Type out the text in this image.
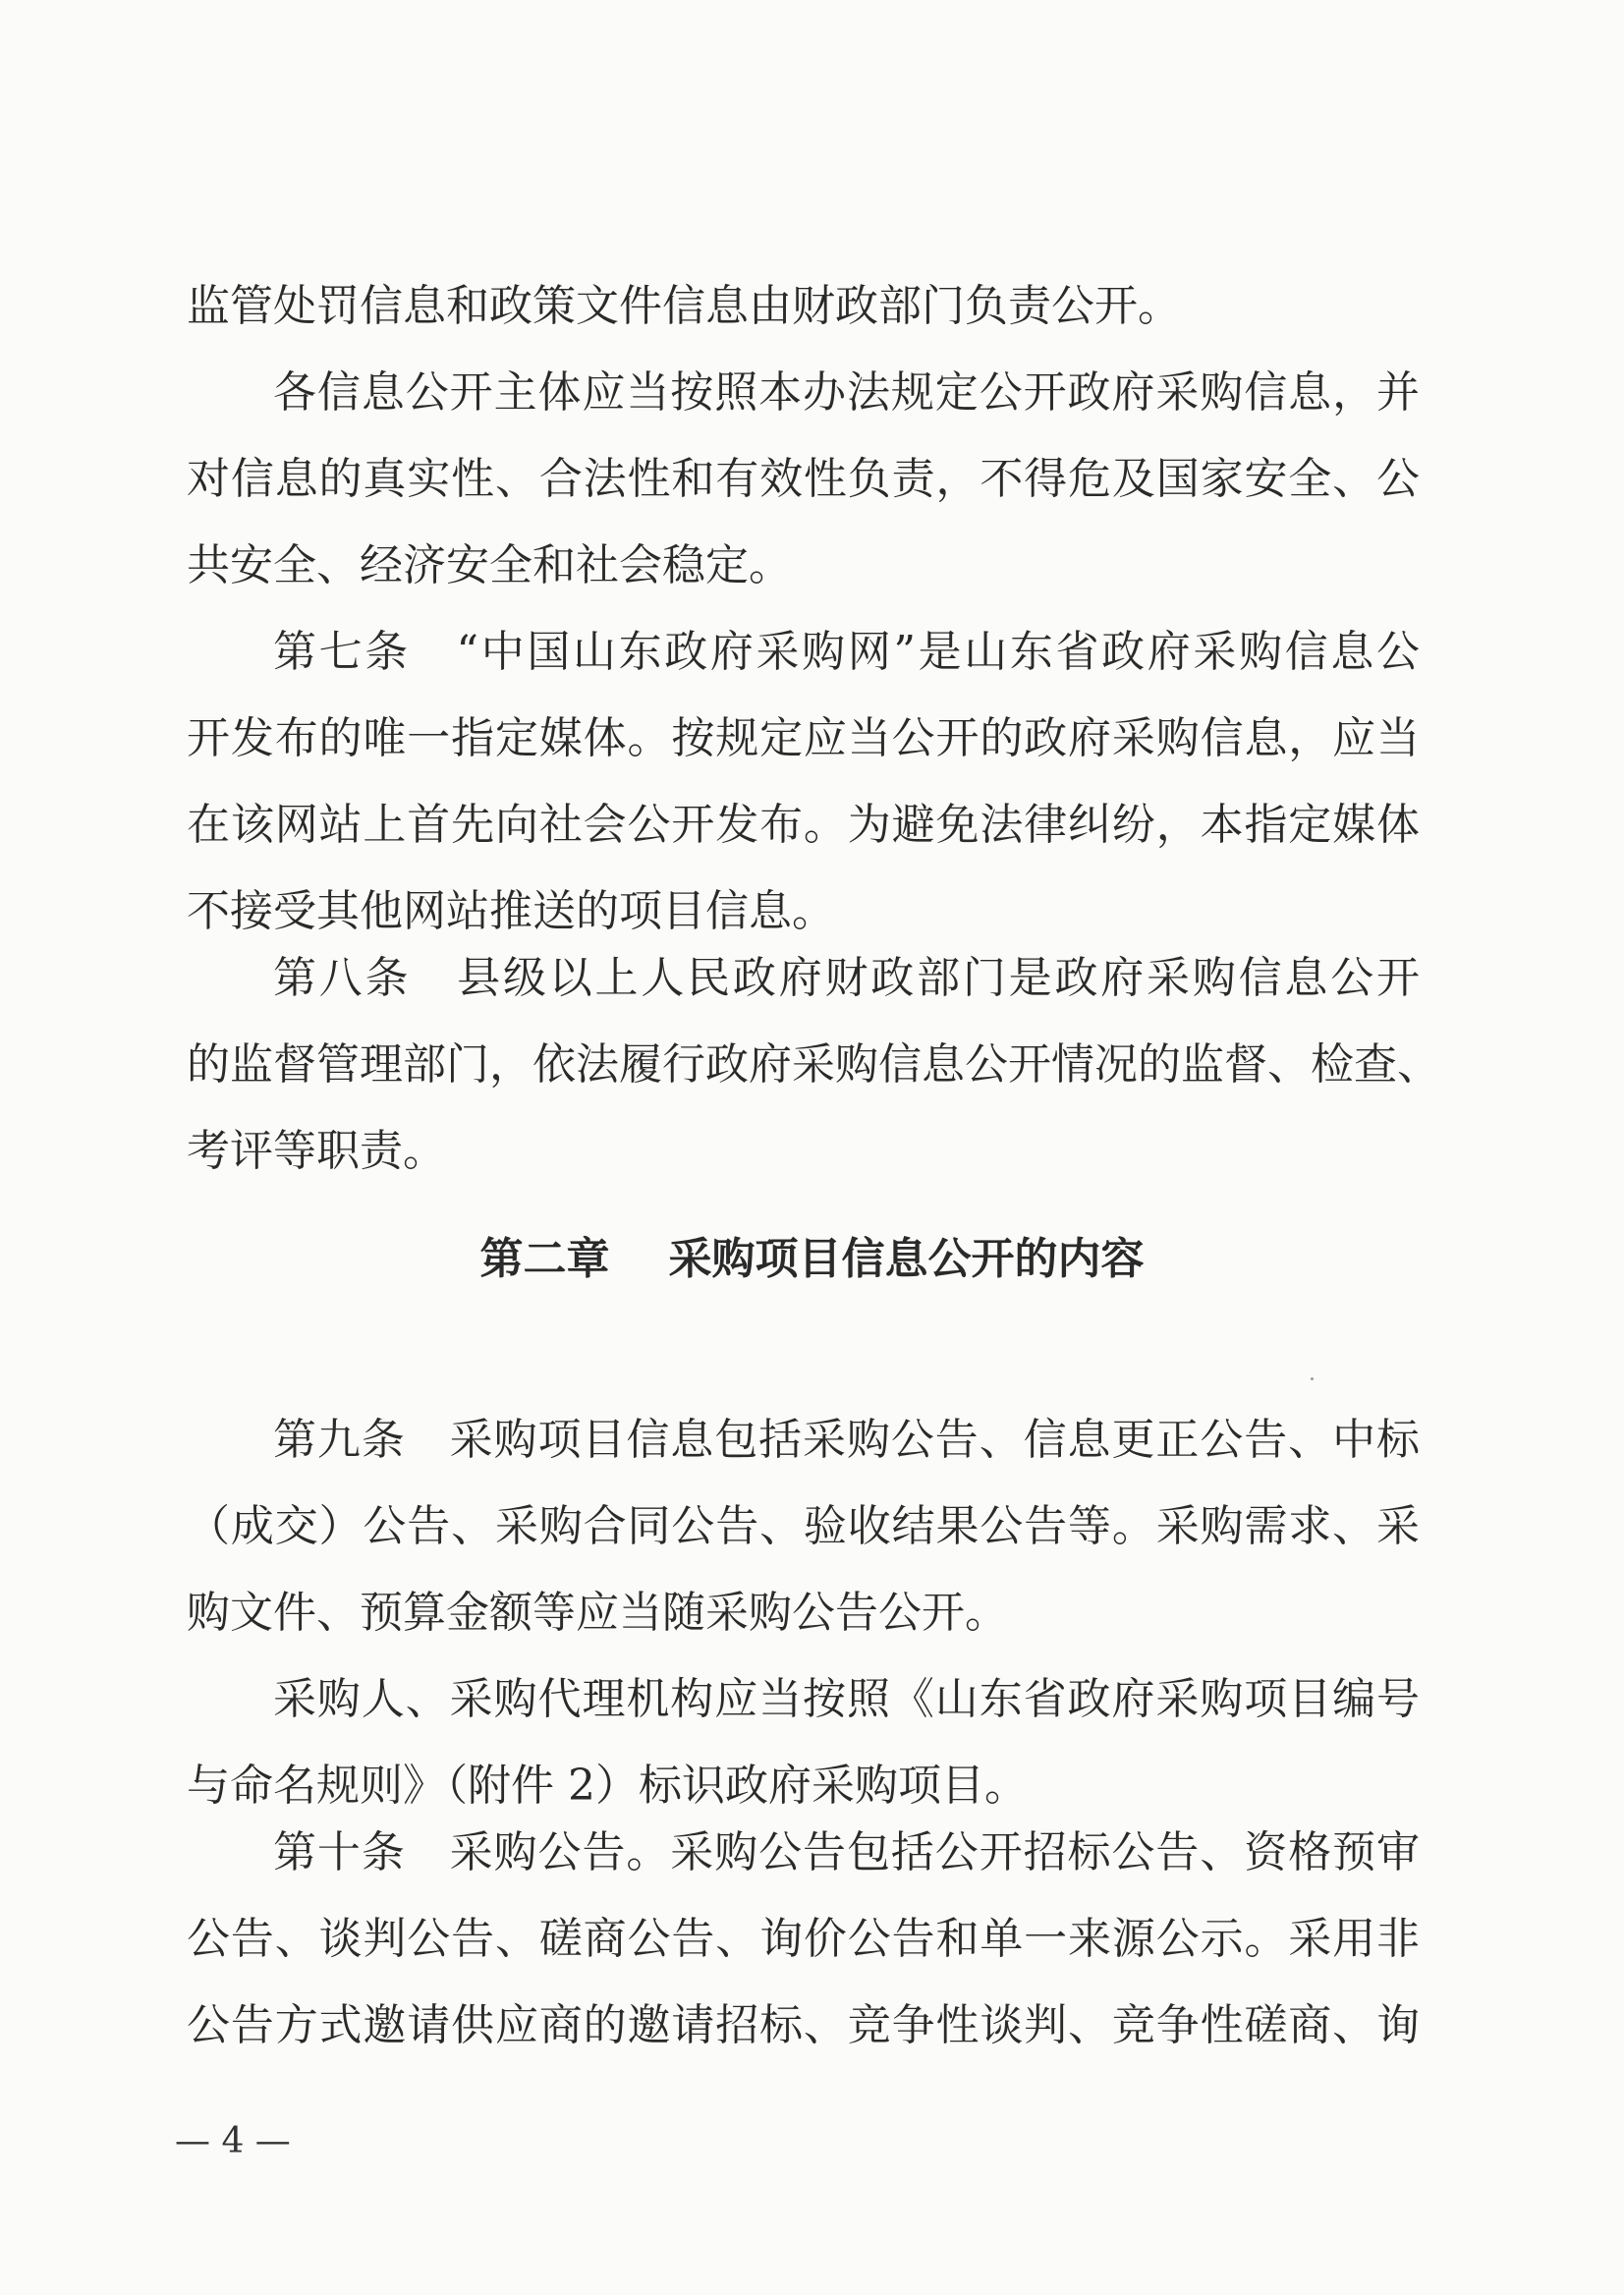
监管处罚信息和政策文件信息由财政部门负责公开。
各信息公开主体应当按照本办法规定公开政府采购信息，并
对信息的真实性、合法性和有效性负责，不得危及国家安全、公
共安全、经济安全和社会稳定。
第七条　“中国山东政府采购网”是山东省政府采购信息公
开发布的唯一指定媒体。按规定应当公开的政府采购信息，应当
在该网站上首先向社会公开发布。为避免法律纠纷，本指定媒体
不接受其他网站推送的项目信息。
第八条　县级以上人民政府财政部门是政府采购信息公开
的监督管理部门，依法履行政府采购信息公开情况的监督、检查、
考评等职责。
第二章 采购项目信息公开的内容
第九条　采购项目信息包括采购公告、信息更正公告、中标
（成交）公告、采购合同公告、验收结果公告等。采购需求、采
购文件、预算金额等应当随采购公告公开。
采购人、采购代理机构应当按照《山东省政府采购项目编号
与命名规则》（附件 2）标识政府采购项目。
第十条　采购公告。采购公告包括公开招标公告、资格预审
公告、谈判公告、磋商公告、询价公告和单一来源公示。采用非
公告方式邀请供应商的邀请招标、竞争性谈判、竞争性磋商、询
— 4 —
